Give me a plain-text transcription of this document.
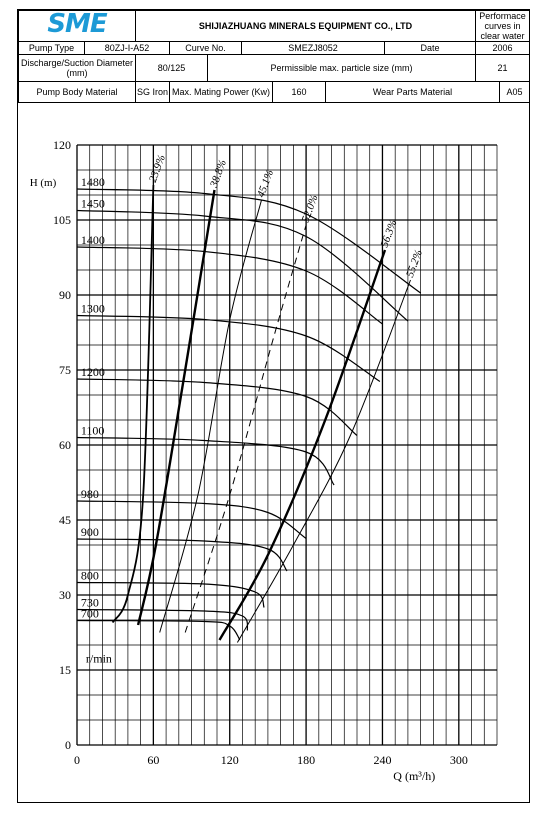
SME		SHIJIAZHUANG MINERALS EQUIPMENT CO., LTD							Performace curves in clear water	
Pump Type	80ZJ-I-A52		Curve No.		SMEZJ8052			Date	2006	
Discharge/Suction Diameter (mm)		80/125		Permissible max. particle size (mm)					21	
Pump Body Material		SG Iron	Max. Mating Power (Kw)			160	Wear Parts Material			A05
0	60	120	180	240	300
0
15
30
45
60
75
90
105
120
H (m)
Q (m³/h)
r/min
1480
1450
1400
1300
1200
1100
980
900
800
730
700
23.9%	38.8% 45.1%
52.0%
56.3%
55.2%
